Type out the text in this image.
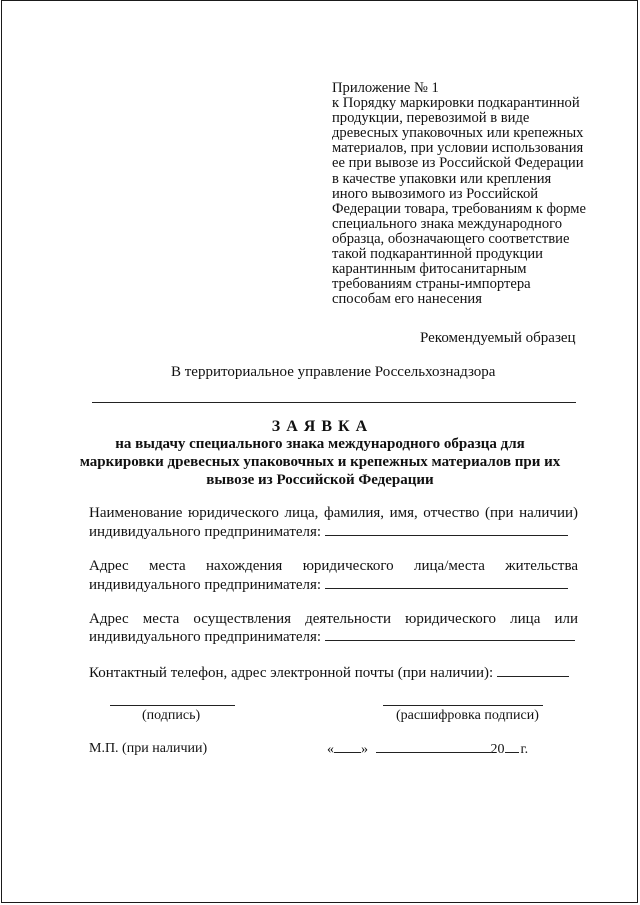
Приложение № 1
к Порядку маркировки подкарантинной
продукции, перевозимой в виде
древесных упаковочных или крепежных
материалов, при условии использования
ее при вывозе из Российской Федерации
в качестве упаковки или крепления
иного вывозимого из Российской
Федерации товара, требованиям к форме
специального знака международного
образца, обозначающего соответствие
такой подкарантинной продукции
карантинным фитосанитарным
требованиям страны-импортера
способам его нанесения
Рекомендуемый образец
В территориальное управление Россельхознадзора
З А Я В К А
на выдачу специального знака международного образца для
маркировки древесных упаковочных и крепежных материалов при их
вывозе из Российской Федерации
Наименование юридического лица, фамилия, имя, отчество (при наличии)
индивидуального предпринимателя:
Адрес места нахождения юридического лица/места жительства
индивидуального предпринимателя:
Адрес места осуществления деятельности юридического лица или
индивидуального предпринимателя:
Контактный телефон, адрес электронной почты (при наличии):
(подпись)	(расшифровка подписи)
М.П. (при наличии)	« »	20 г.
